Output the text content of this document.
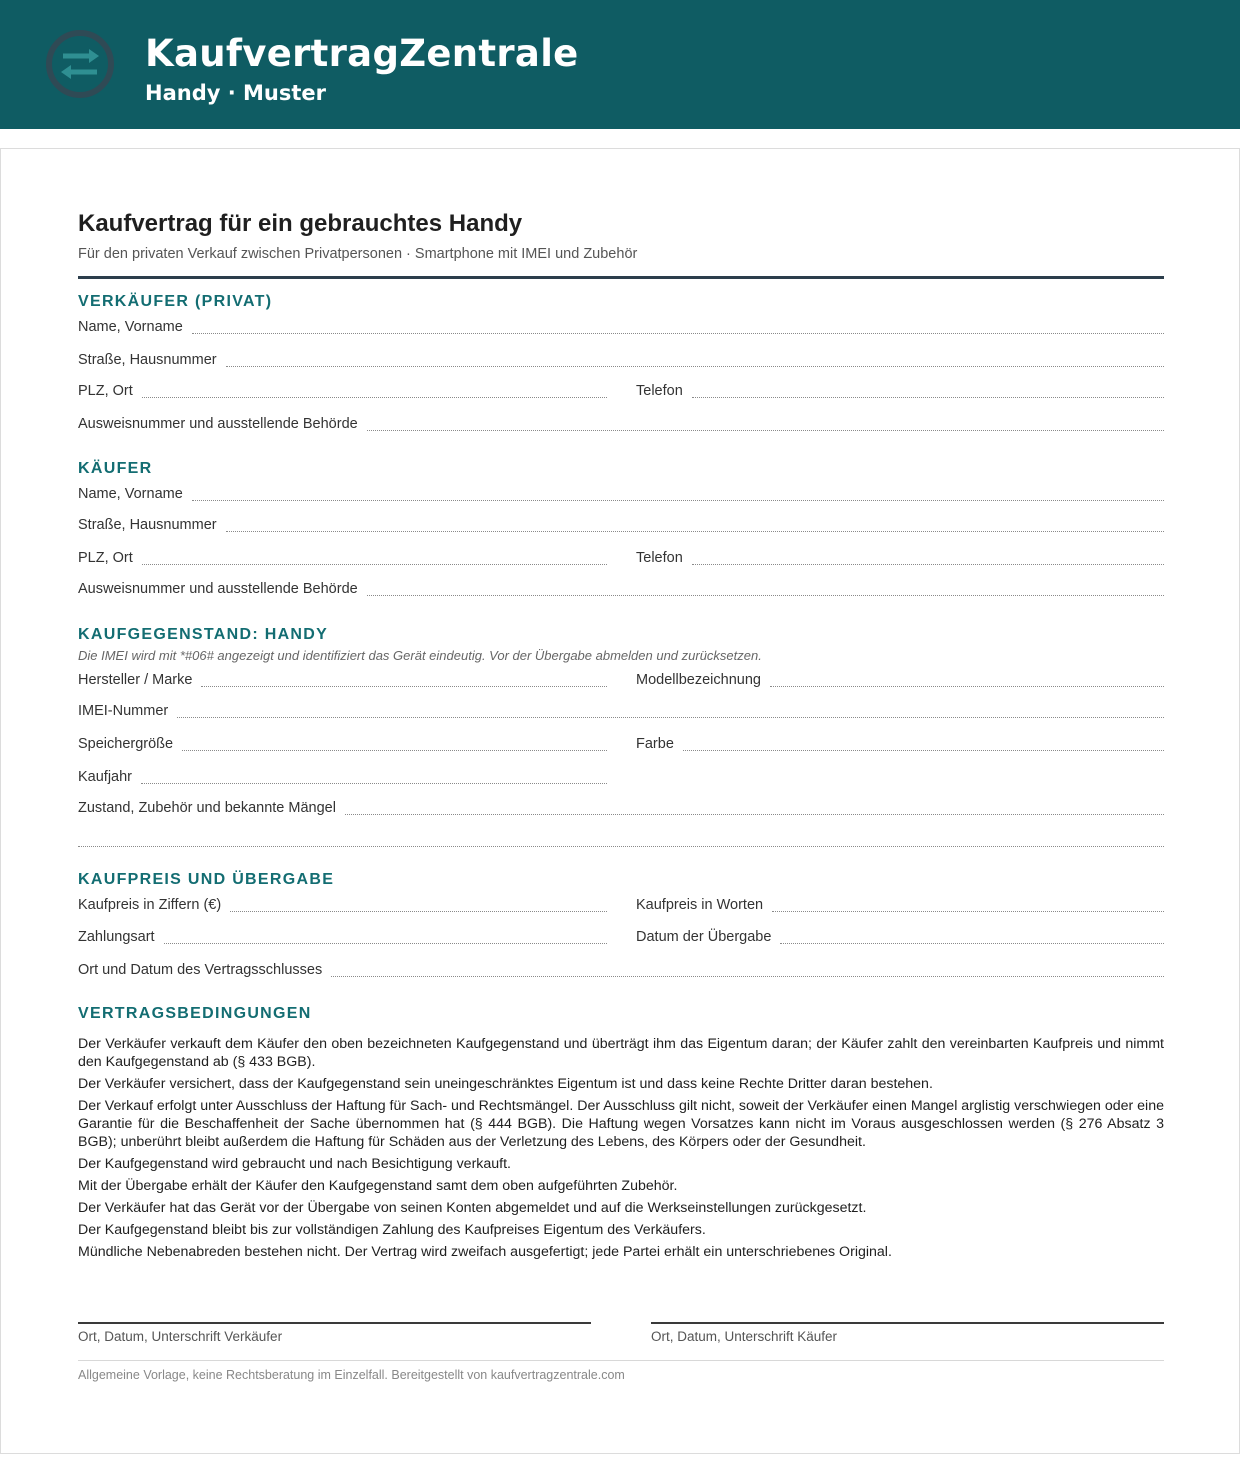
KaufvertragZentrale
Handy · Muster
Kaufvertrag für ein gebrauchtes Handy
Für den privaten Verkauf zwischen Privatpersonen · Smartphone mit IMEI und Zubehör
VERKÄUFER (PRIVAT)
Name, Vorname
Straße, Hausnummer
PLZ, Ort	Telefon
Ausweisnummer und ausstellende Behörde
KÄUFER
Name, Vorname
Straße, Hausnummer
PLZ, Ort	Telefon
Ausweisnummer und ausstellende Behörde
KAUFGEGENSTAND: HANDY
Die IMEI wird mit *#06# angezeigt und identifiziert das Gerät eindeutig. Vor der Übergabe abmelden und zurücksetzen.
Hersteller / Marke	Modellbezeichnung
IMEI-Nummer
Speichergröße	Farbe
Kaufjahr
Zustand, Zubehör und bekannte Mängel
KAUFPREIS UND ÜBERGABE
Kaufpreis in Ziffern (€)	Kaufpreis in Worten
Zahlungsart	Datum der Übergabe
Ort und Datum des Vertragsschlusses
VERTRAGSBEDINGUNGEN

Der Verkäufer verkauft dem Käufer den oben bezeichneten Kaufgegenstand und überträgt ihm das Eigentum daran; der Käufer zahlt den vereinbarten Kaufpreis und nimmt den Kaufgegenstand ab (§ 433 BGB).

Der Verkäufer versichert, dass der Kaufgegenstand sein uneingeschränktes Eigentum ist und dass keine Rechte Dritter daran bestehen.

Der Verkauf erfolgt unter Ausschluss der Haftung für Sach- und Rechtsmängel. Der Ausschluss gilt nicht, soweit der Verkäufer einen Mangel arglistig verschwiegen oder eine Garantie für die Beschaffenheit der Sache übernommen hat (§ 444 BGB). Die Haftung wegen Vorsatzes kann nicht im Voraus ausgeschlossen werden (§ 276 Absatz 3 BGB); unberührt bleibt außerdem die Haftung für Schäden aus der Verletzung des Lebens, des Körpers oder der Gesundheit.

Der Kaufgegenstand wird gebraucht und nach Besichtigung verkauft.

Mit der Übergabe erhält der Käufer den Kaufgegenstand samt dem oben aufgeführten Zubehör.

Der Verkäufer hat das Gerät vor der Übergabe von seinen Konten abgemeldet und auf die Werkseinstellungen zurückgesetzt.

Der Kaufgegenstand bleibt bis zur vollständigen Zahlung des Kaufpreises Eigentum des Verkäufers.

Mündliche Nebenabreden bestehen nicht. Der Vertrag wird zweifach ausgefertigt; jede Partei erhält ein unterschriebenes Original.

Ort, Datum, Unterschrift Verkäufer	Ort, Datum, Unterschrift Käufer
Allgemeine Vorlage, keine Rechtsberatung im Einzelfall. Bereitgestellt von kaufvertragzentrale.com
